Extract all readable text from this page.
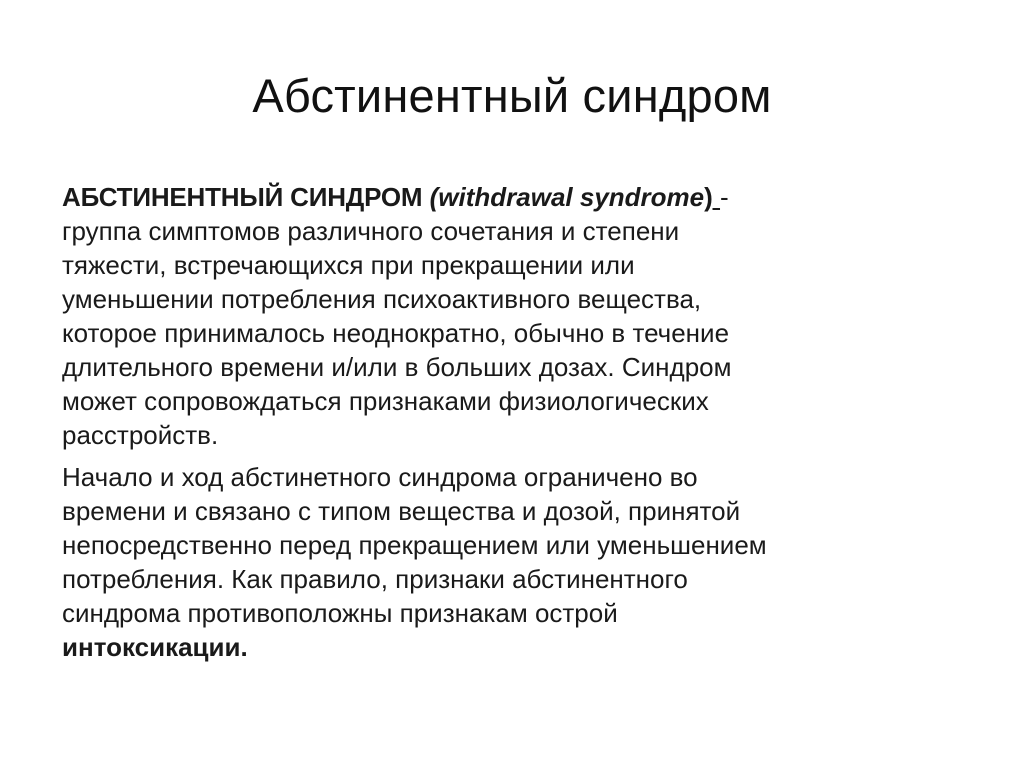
Абстинентный синдром

АБСТИНЕНТНЫЙ СИНДРОМ (withdrawal syndrome) -
группа симптомов различного сочетания и степени
тяжести, встречающихся при прекращении или
уменьшении потребления психоактивного вещества,
которое принималось неоднократно, обычно в течение
длительного времени и/или в больших дозах. Синдром
может сопровождаться признаками физиологических
расстройств.

Начало и ход абстинетного синдрома ограничено во
времени и связано с типом вещества и дозой, принятой
непосредственно перед прекращением или уменьшением
потребления. Как правило, признаки абстинентного
синдрома противоположны признакам острой
интоксикации.
